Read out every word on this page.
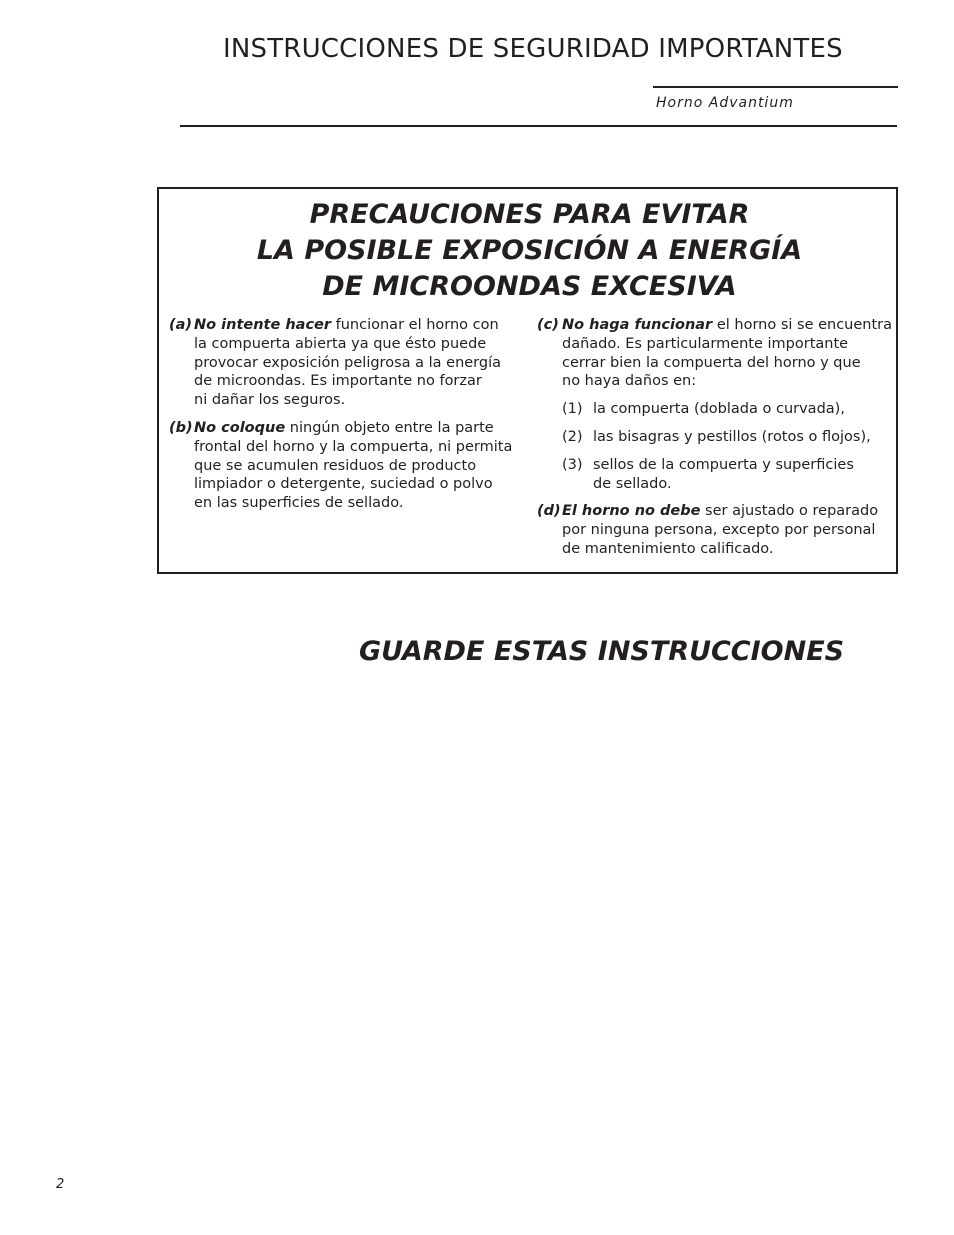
INSTRUCCIONES DE SEGURIDAD IMPORTANTES
Horno Advantium
PRECAUCIONES PARA EVITAR
LA POSIBLE EXPOSICIÓN A ENERGÍA
DE MICROONDAS EXCESIVA
(a) No intente hacer funcionar el horno con
la compuerta abierta ya que ésto puede
provocar exposición peligrosa a la energía
de microondas. Es importante no forzar
ni dañar los seguros.
(b) No coloque ningún objeto entre la parte
frontal del horno y la compuerta, ni permita
que se acumulen residuos de producto
limpiador o detergente, suciedad o polvo
en las superficies de sellado.
(c) No haga funcionar el horno si se encuentra
dañado. Es particularmente importante
cerrar bien la compuerta del horno y que
no haya daños en:
(1) la compuerta (doblada o curvada),
(2) las bisagras y pestillos (rotos o flojos),
(3) sellos de la compuerta y superficies
de sellado.
(d) El horno no debe ser ajustado o reparado
por ninguna persona, excepto por personal
de mantenimiento calificado.
GUARDE ESTAS INSTRUCCIONES
2
